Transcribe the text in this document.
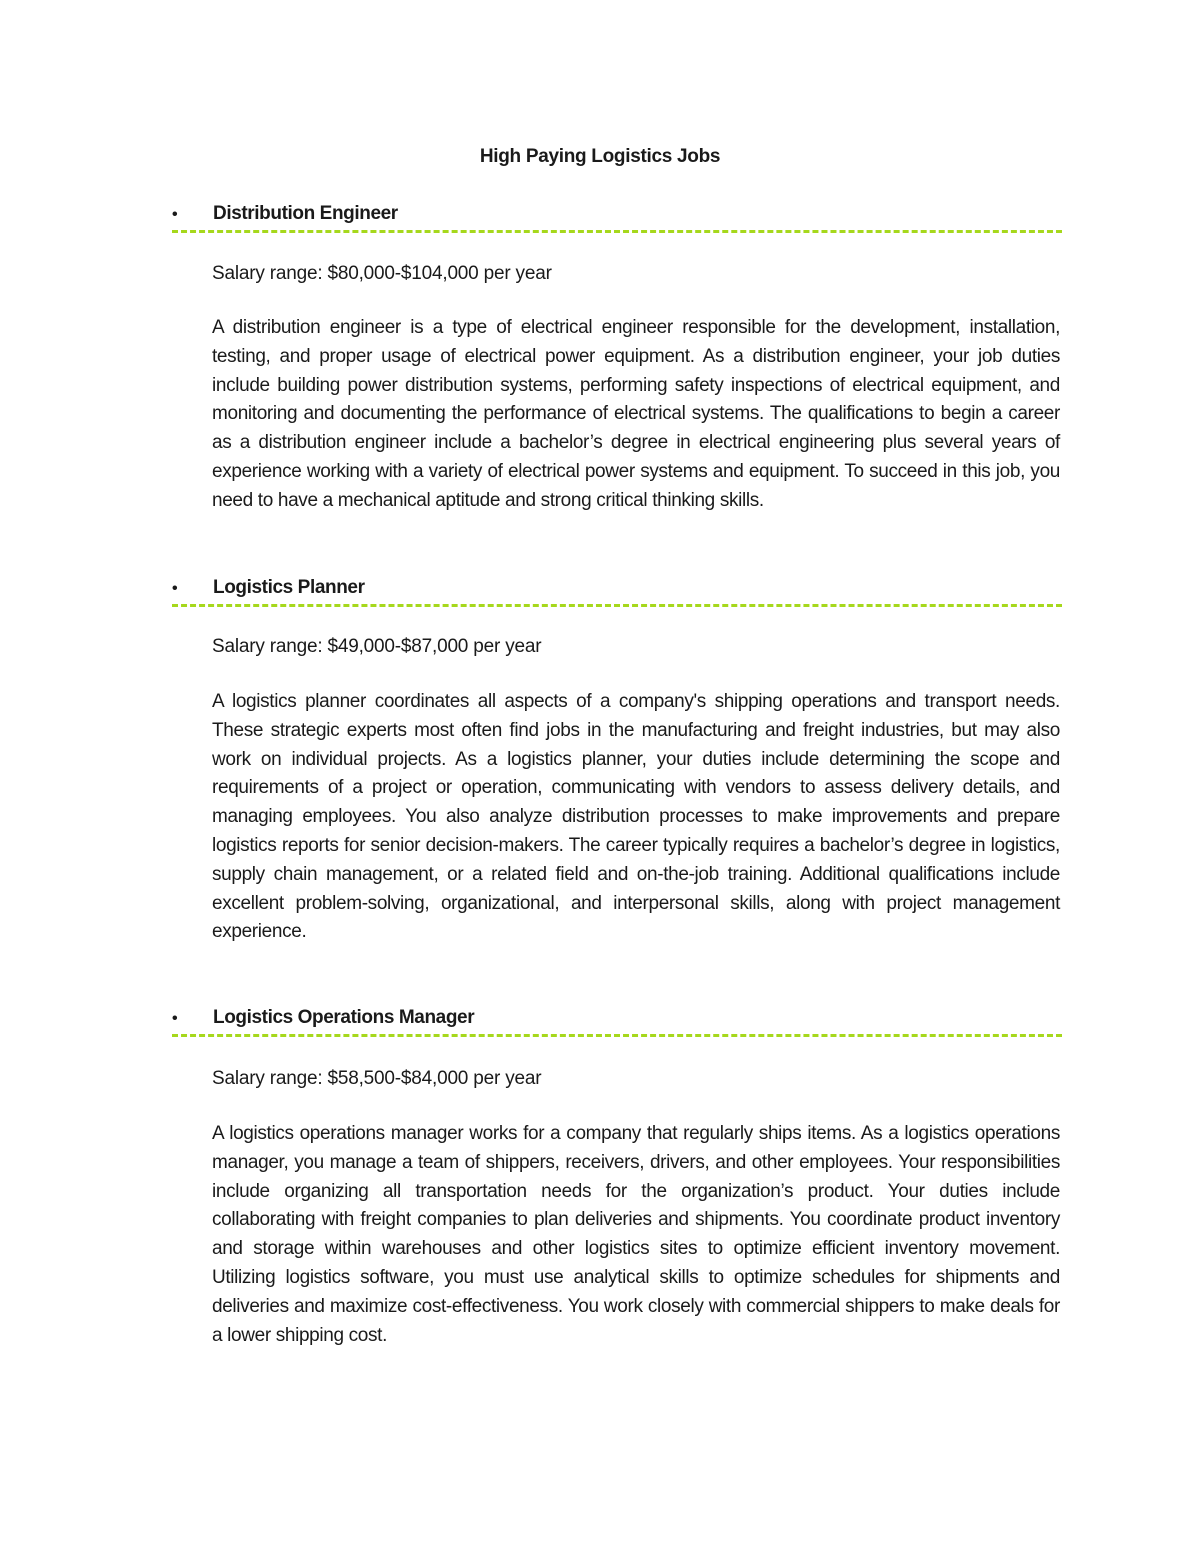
High Paying Logistics Jobs
• Distribution Engineer
Salary range: $80,000-$104,000 per year

A distribution engineer is a type of electrical engineer responsible for the development, installation, testing, and proper usage of electrical power equipment. As a distribution engineer, your job duties include building power distribution systems, performing safety inspections of electrical equipment, and monitoring and documenting the performance of electrical systems. The qualifications to begin a career as a distribution engineer include a bachelor’s degree in electrical engineering plus several years of experience working with a variety of electrical power systems and equipment. To succeed in this job, you need to have a mechanical aptitude and strong critical thinking skills.

• Logistics Planner
Salary range: $49,000-$87,000 per year

A logistics planner coordinates all aspects of a company's shipping operations and transport needs. These strategic experts most often find jobs in the manufacturing and freight industries, but may also work on individual projects. As a logistics planner, your duties include determining the scope and requirements of a project or operation, communicating with vendors to assess delivery details, and managing employees. You also analyze distribution processes to make improvements and prepare logistics reports for senior decision-makers. The career typically requires a bachelor’s degree in logistics, supply chain management, or a related field and on-the-job training. Additional qualifications include excellent problem-solving, organizational, and interpersonal skills, along with project management experience.

• Logistics Operations Manager
Salary range: $58,500-$84,000 per year

A logistics operations manager works for a company that regularly ships items. As a logistics operations manager, you manage a team of shippers, receivers, drivers, and other employees. Your responsibilities include organizing all transportation needs for the organization’s product. Your duties include collaborating with freight companies to plan deliveries and shipments. You coordinate product inventory and storage within warehouses and other logistics sites to optimize efficient inventory movement. Utilizing logistics software, you must use analytical skills to optimize schedules for shipments and deliveries and maximize cost-effectiveness. You work closely with commercial shippers to make deals for a lower shipping cost.
